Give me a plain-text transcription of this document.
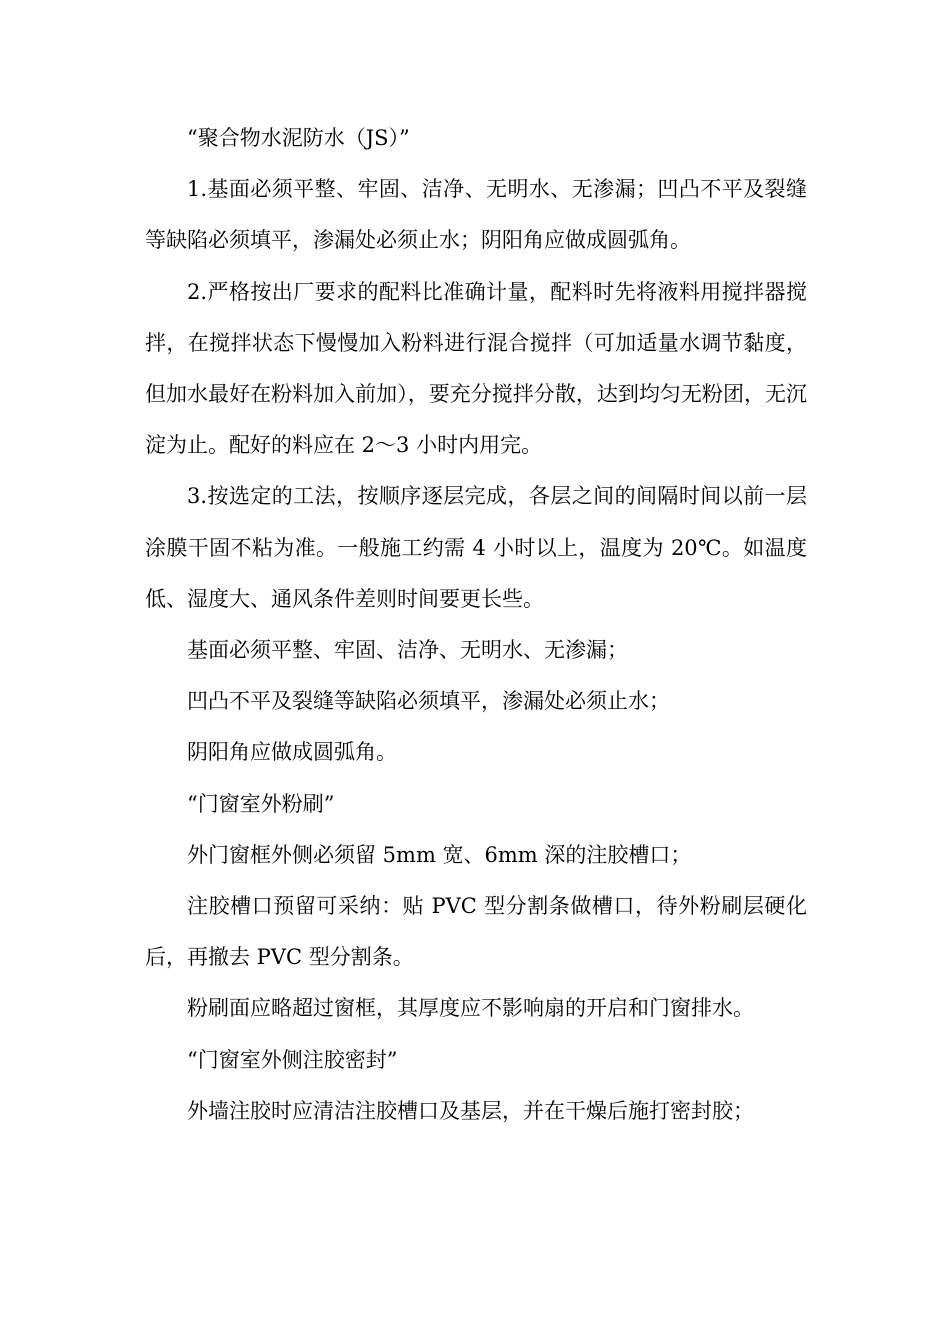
“聚合物水泥防水（JS）”

1.基面必须平整、牢固、洁净、无明水、无渗漏；凹凸不平及裂缝等缺陷必须填平，渗漏处必须止水；阴阳角应做成圆弧角。

2.严格按出厂要求的配料比准确计量，配料时先将液料用搅拌器搅拌，在搅拌状态下慢慢加入粉料进行混合搅拌（可加适量水调节黏度，但加水最好在粉料加入前加），要充分搅拌分散，达到均匀无粉团，无沉淀为止。配好的料应在 2～3 小时内用完。

3.按选定的工法，按顺序逐层完成，各层之间的间隔时间以前一层涂膜干固不粘为准。一般施工约需 4 小时以上，温度为 20℃。如温度低、湿度大、通风条件差则时间要更长些。

基面必须平整、牢固、洁净、无明水、无渗漏；

凹凸不平及裂缝等缺陷必须填平，渗漏处必须止水；

阴阳角应做成圆弧角。

“门窗室外粉刷”

外门窗框外侧必须留 5mm 宽、6mm 深的注胶槽口；

注胶槽口预留可采纳：贴 PVC 型分割条做槽口，待外粉刷层硬化后，再撤去 PVC 型分割条。

粉刷面应略超过窗框，其厚度应不影响扇的开启和门窗排水。

“门窗室外侧注胶密封”

外墙注胶时应清洁注胶槽口及基层，并在干燥后施打密封胶；
